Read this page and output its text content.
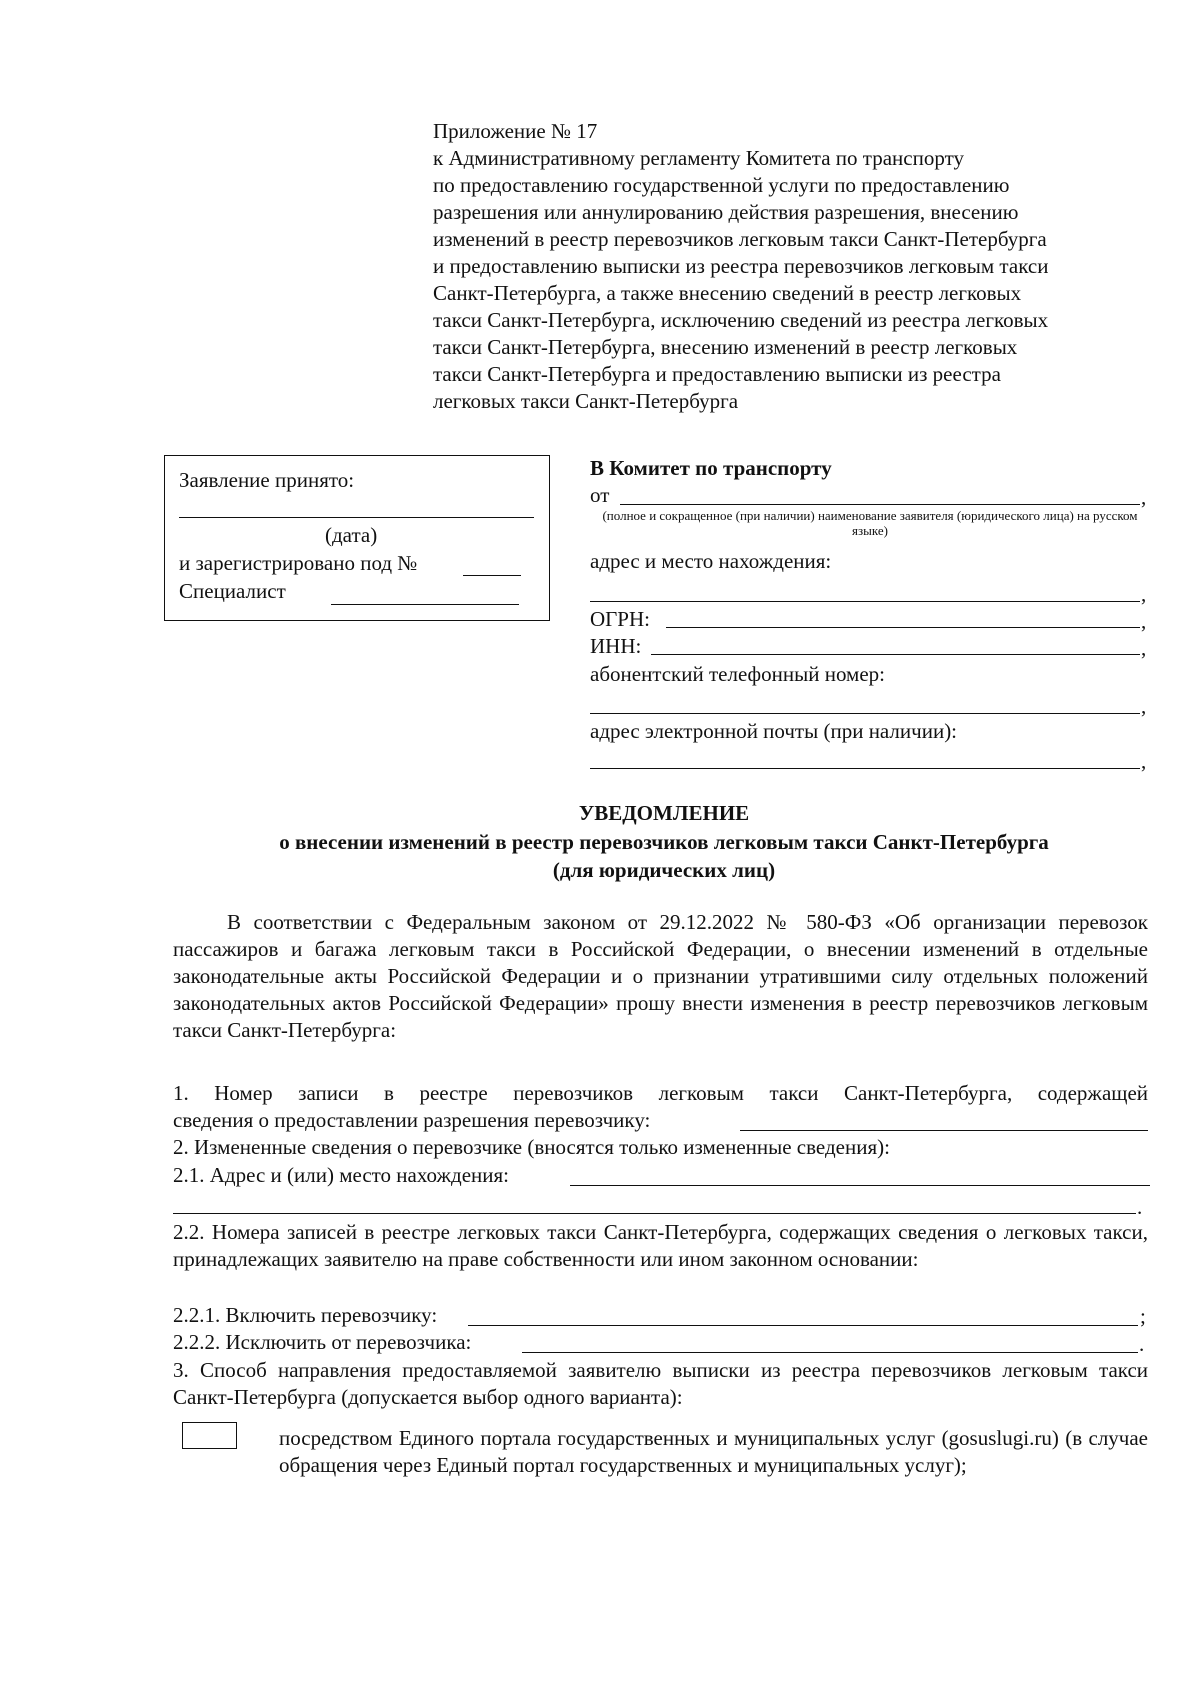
Приложение № 17
к Административному регламенту Комитета по транспорту
по предоставлению государственной услуги по предоставлению
разрешения или аннулированию действия разрешения, внесению
изменений в реестр перевозчиков легковым такси Санкт-Петербурга
и предоставлению выписки из реестра перевозчиков легковым такси
Санкт-Петербурга, а также внесению сведений в реестр легковых
такси Санкт-Петербурга, исключению сведений из реестра легковых
такси Санкт-Петербурга, внесению изменений в реестр легковых
такси Санкт-Петербурга и предоставлению выписки из реестра
легковых такси Санкт-Петербурга
Заявление принято:
(дата)
и зарегистрировано под №
Специалист
В Комитет по транспорту
от	,
(полное и сокращенное (при наличии) наименование заявителя (юридического лица) на русском языке)
адрес и место нахождения:
,
ОГРН:	,
ИНН:	,
абонентский телефонный номер:
,
адрес электронной почты (при наличии):
,
УВЕДОМЛЕНИЕ
о внесении изменений в реестр перевозчиков легковым такси Санкт-Петербурга
(для юридических лиц)
В соответствии с Федеральным законом от 29.12.2022 № 580-ФЗ «Об организации перевозок пассажиров и багажа легковым такси в Российской Федерации, о внесении изменений в отдельные законодательные акты Российской Федерации и о признании утратившими силу отдельных положений законодательных актов Российской Федерации» прошу внести изменения в реестр перевозчиков легковым такси Санкт-Петербурга:
1. Номер записи в реестре перевозчиков легковым такси Санкт-Петербурга, содержащей
сведения о предоставлении разрешения перевозчику:
2. Измененные сведения о перевозчике (вносятся только измененные сведения):
2.1. Адрес и (или) место нахождения:
.
2.2. Номера записей в реестре легковых такси Санкт-Петербурга, содержащих сведения о легковых такси, принадлежащих заявителю на праве собственности или ином законном основании:
2.2.1. Включить перевозчику:	;
2.2.2. Исключить от перевозчика:	.
3. Способ направления предоставляемой заявителю выписки из реестра перевозчиков легковым такси Санкт-Петербурга (допускается выбор одного варианта):
посредством Единого портала государственных и муниципальных услуг (gosuslugi.ru) (в случае обращения через Единый портал государственных и муниципальных услуг);
